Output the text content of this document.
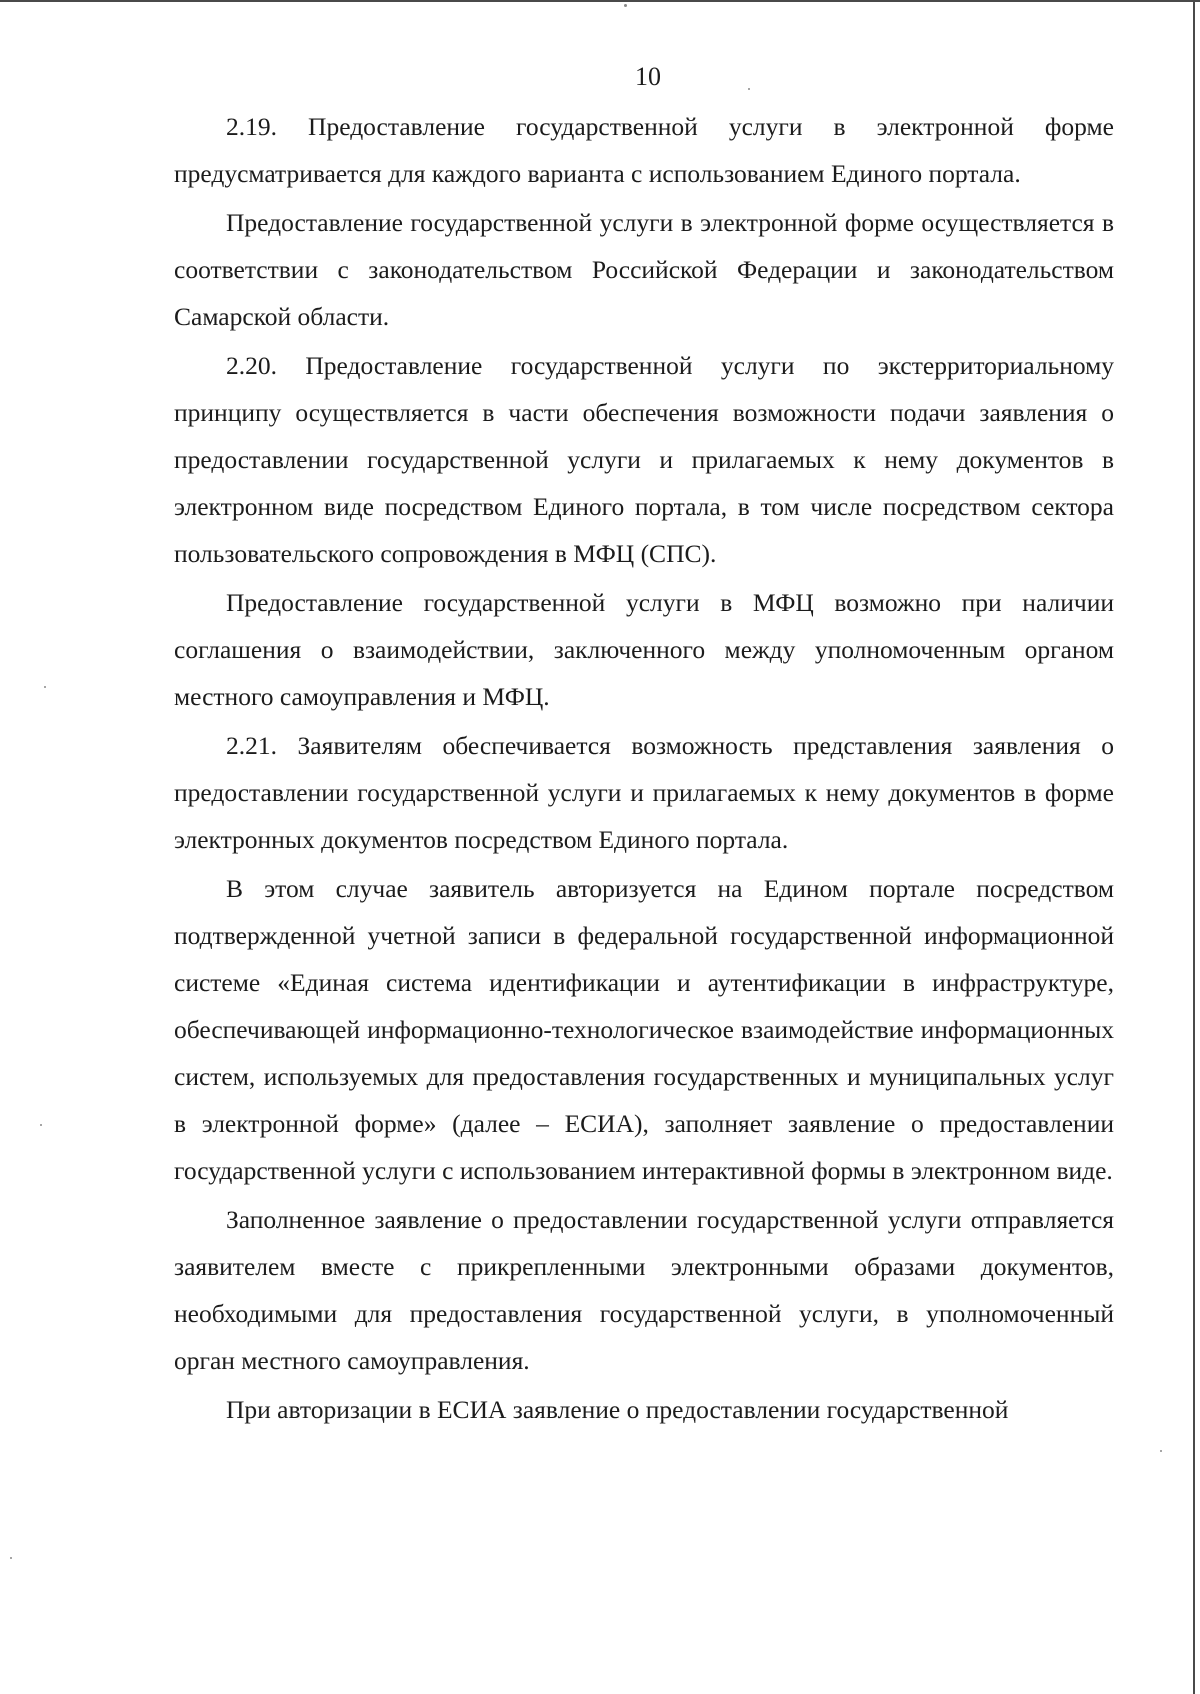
10

2.19. Предоставление государственной услуги в электронной форме предусматривается для каждого варианта с использованием Единого портала.

Предоставление государственной услуги в электронной форме осуществляется в соответствии с законодательством Российской Федерации и законодательством Самарской области.

2.20. Предоставление государственной услуги по экстерриториальному принципу осуществляется в части обеспечения возможности подачи заявления о предоставлении государственной услуги и прилагаемых к нему документов в электронном виде посредством Единого портала, в том числе посредством сектора пользовательского сопровождения в МФЦ (СПС).

Предоставление государственной услуги в МФЦ возможно при наличии соглашения о взаимодействии, заключенного между уполномоченным органом местного самоуправления и МФЦ.

2.21. Заявителям обеспечивается возможность представления заявления о предоставлении государственной услуги и прилагаемых к нему документов в форме электронных документов посредством Единого портала.

В этом случае заявитель авторизуется на Едином портале посредством подтвержденной учетной записи в федеральной государственной информационной системе «Единая система идентификации и аутентификации в инфраструктуре, обеспечивающей информационно-технологическое взаимодействие информационных систем, используемых для предоставления государственных и муниципальных услуг в электронной форме» (далее – ЕСИА), заполняет заявление о предоставлении государственной услуги с использованием интерактивной формы в электронном виде.

Заполненное заявление о предоставлении государственной услуги отправляется заявителем вместе с прикрепленными электронными образами документов, необходимыми для предоставления государственной услуги, в уполномоченный орган местного самоуправления.

При авторизации в ЕСИА заявление о предоставлении государственной
